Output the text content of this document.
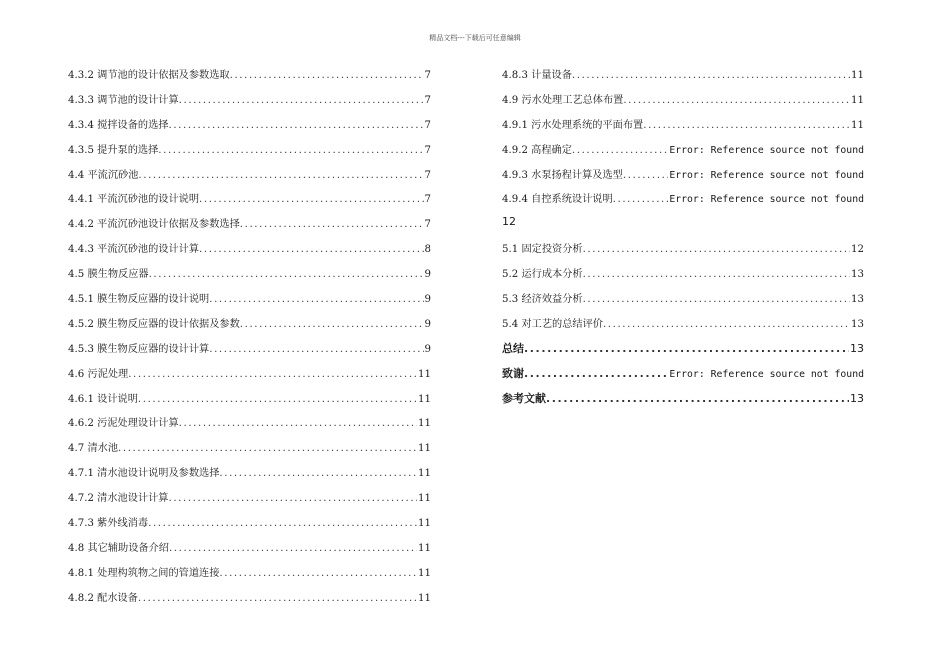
精品文档---下载后可任意编辑
4.3.2 调节池的设计依据及参数选取 .....	7
4.3.3 调节池的设计计算 .....	7
4.3.4 搅拌设备的选择 .....	7
4.3.5 提升泵的选择 .....	7
4.4 平流沉砂池 .....	7
4.4.1 平流沉砂池的设计说明 .....	7
4.4.2 平流沉砂池设计依据及参数选择 .....	7
4.4.3 平流沉砂池的设计计算 .....	8
4.5 膜生物反应器 .....	9
4.5.1 膜生物反应器的设计说明 .....	9
4.5.2 膜生物反应器的设计依据及参数 .....	9
4.5.3 膜生物反应器的设计计算 .....	9
4.6 污泥处理 .....	11
4.6.1 设计说明 .....	11
4.6.2 污泥处理设计计算 .....	11
4.7 清水池 .....	11
4.7.1 清水池设计说明及参数选择 .....	11
4.7.2 清水池设计计算 .....	11
4.7.3 紫外线消毒 .....	11
4.8 其它辅助设备介绍 .....	11
4.8.1 处理构筑物之间的管道连接 .....	11
4.8.2 配水设备 .....	11
4.8.3 计量设备 .....	11
4.9 污水处理工艺总体布置 .....	11
4.9.1 污水处理系统的平面布置 .....	11
4.9.2 高程确定 .....	Error: Reference source not found
4.9.3 水泵扬程计算及选型 .....	Error: Reference source not found
4.9.4 自控系统设计说明 .....	Error: Reference source not found
12
5.1 固定投资分析 .....	12
5.2 运行成本分析 .....	13
5.3 经济效益分析 .....	13
5.4 对工艺的总结评价 .....	13
总结 .....	13
致谢 .....	Error: Reference source not found
参考文献 .....	13
